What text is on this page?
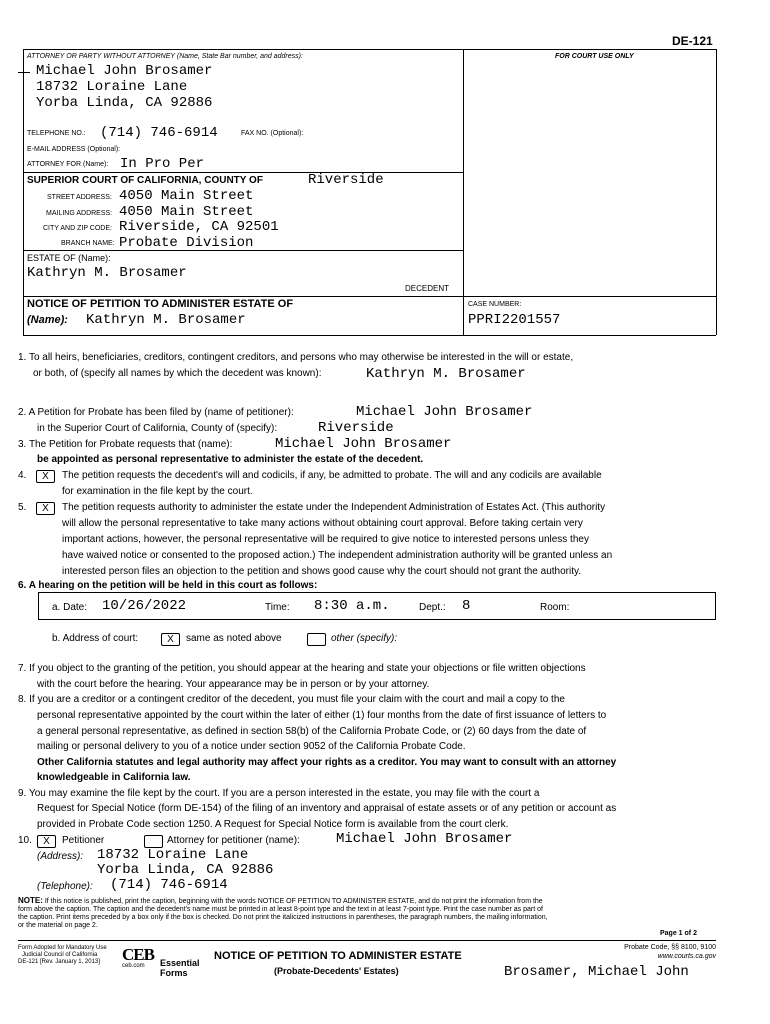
DE-121
ATTORNEY OR PARTY WITHOUT ATTORNEY (Name, State Bar number, and address):	FOR COURT USE ONLY
Michael John Brosamer
18732 Loraine Lane
Yorba Linda, CA 92886
TELEPHONE NO.: (714) 746-6914	FAX NO. (Optional):
E-MAIL ADDRESS (Optional):
ATTORNEY FOR (Name): In Pro Per
SUPERIOR COURT OF CALIFORNIA, COUNTY OF	Riverside
STREET ADDRESS: 4050 Main Street
MAILING ADDRESS: 4050 Main Street
CITY AND ZIP CODE: Riverside, CA 92501
BRANCH NAME: Probate Division
ESTATE OF (Name):
Kathryn M. Brosamer
DECEDENT
NOTICE OF PETITION TO ADMINISTER ESTATE OF
(Name): Kathryn M. Brosamer
CASE NUMBER:
PPRI2201557
1. To all heirs, beneficiaries, creditors, contingent creditors, and persons who may otherwise be interested in the will or estate,
or both, of (specify all names by which the decedent was known):	Kathryn M. Brosamer
2. A Petition for Probate has been filed by (name of petitioner):	Michael John Brosamer
in the Superior Court of California, County of (specify):	Riverside
3. The Petition for Probate requests that (name):	Michael John Brosamer
be appointed as personal representative to administer the estate of the decedent.
4.	X	The petition requests the decedent's will and codicils, if any, be admitted to probate. The will and any codicils are available
for examination in the file kept by the court.
5.	X	The petition requests authority to administer the estate under the Independent Administration of Estates Act. (This authority
will allow the personal representative to take many actions without obtaining court approval. Before taking certain very
important actions, however, the personal representative will be required to give notice to interested persons unless they
have waived notice or consented to the proposed action.) The independent administration authority will be granted unless an
interested person files an objection to the petition and shows good cause why the court should not grant the authority.
6. A hearing on the petition will be held in this court as follows:
a. Date: 10/26/2022	Time: 8:30 a.m.	Dept.: 8	Room:
b. Address of court:	X	same as noted above	other (specify):
7. If you object to the granting of the petition, you should appear at the hearing and state your objections or file written objections
with the court before the hearing. Your appearance may be in person or by your attorney.
8. If you are a creditor or a contingent creditor of the decedent, you must file your claim with the court and mail a copy to the
personal representative appointed by the court within the later of either (1) four months from the date of first issuance of letters to
a general personal representative, as defined in section 58(b) of the California Probate Code, or (2) 60 days from the date of
mailing or personal delivery to you of a notice under section 9052 of the California Probate Code.
Other California statutes and legal authority may affect your rights as a creditor. You may want to consult with an attorney
knowledgeable in California law.
9. You may examine the file kept by the court. If you are a person interested in the estate, you may file with the court a
Request for Special Notice (form DE-154) of the filing of an inventory and appraisal of estate assets or of any petition or account as
provided in Probate Code section 1250. A Request for Special Notice form is available from the court clerk.
10.	X	Petitioner	Attorney for petitioner (name):	Michael John Brosamer
(Address): 18732 Loraine Lane
Yorba Linda, CA 92886
(Telephone): (714) 746-6914
NOTE: If this notice is published, print the caption, beginning with the words NOTICE OF PETITION TO ADMINISTER ESTATE, and do not print the information from the
form above the caption. The caption and the decedent's name must be printed in at least 8-point type and the text in at least 7-point type. Print the case number as part of
the caption. Print items preceded by a box only if the box is checked. Do not print the italicized instructions in parentheses, the paragraph numbers, the mailing information,
or the material on page 2.
Page 1 of 2
Form Adopted for Mandatory Use
Judicial Council of California
DE-121 [Rev. January 1, 2013]	CEB
ceb.com	Essential
Forms
NOTICE OF PETITION TO ADMINISTER ESTATE
(Probate-Decedents' Estates)
Probate Code, §§ 8100, 9100
www.courts.ca.gov
Brosamer, Michael John
